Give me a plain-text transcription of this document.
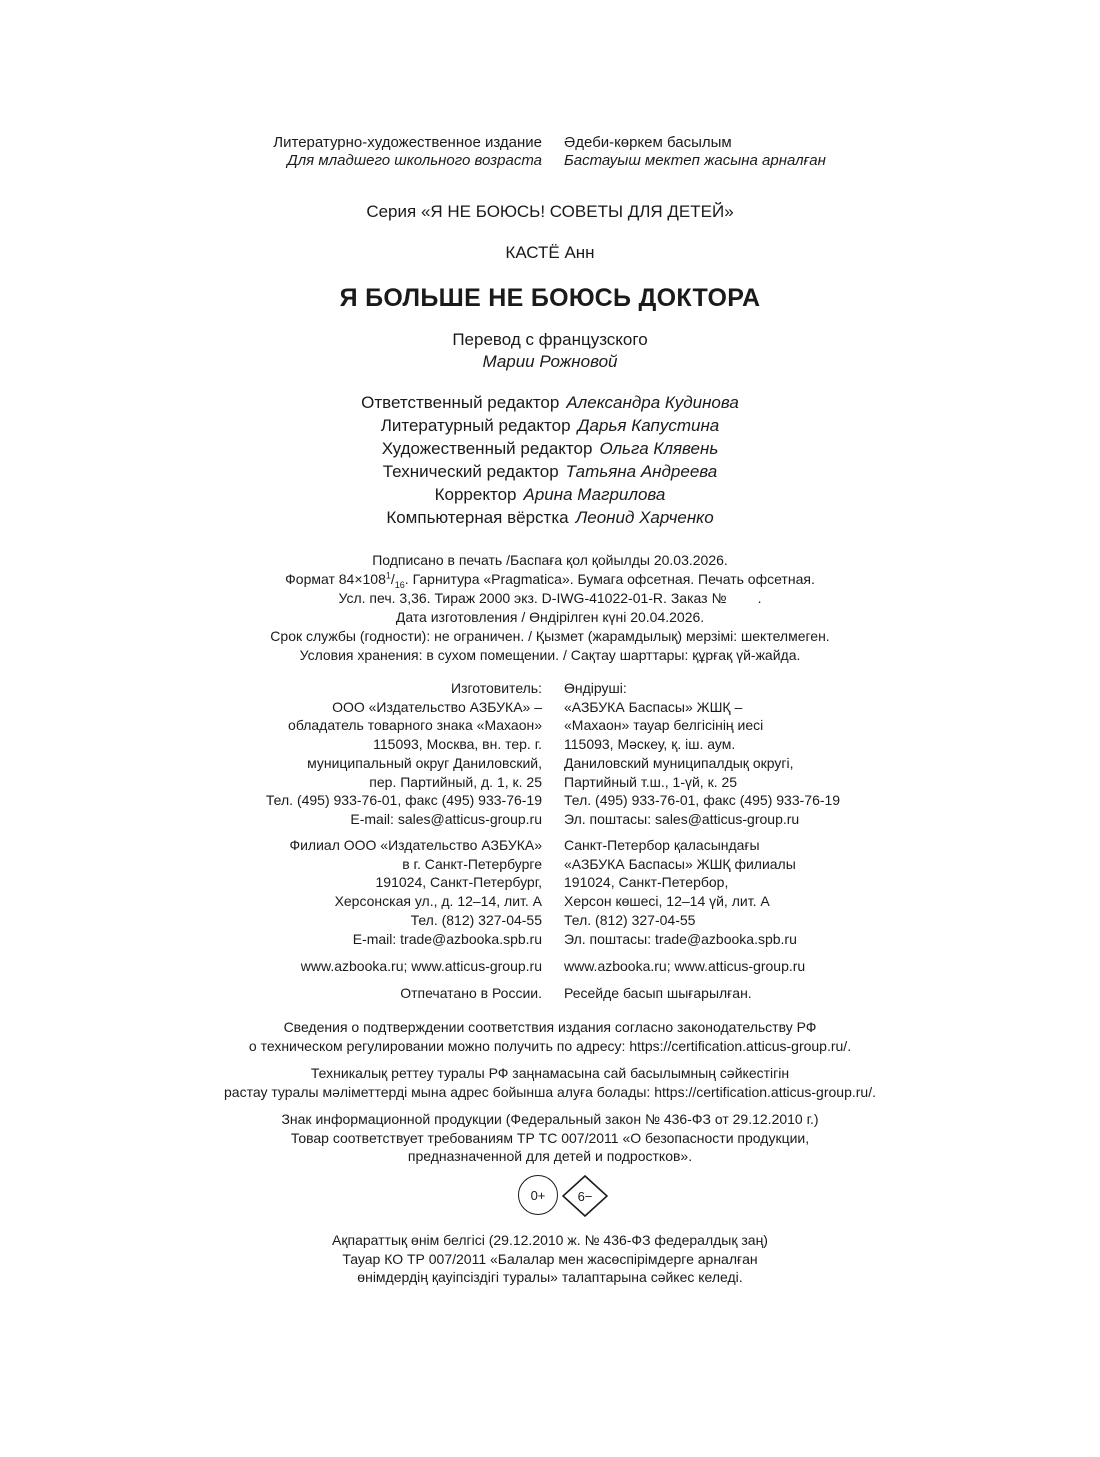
Литературно-художественное издание
Для младшего школьного возраста
Әдеби-көркем басылым
Бастауыш мектеп жасына арналған
Серия «Я НЕ БОЮСЬ! СОВЕТЫ ДЛЯ ДЕТЕЙ»
КАСТЁ Анн
Я БОЛЬШЕ НЕ БОЮСЬ ДОКТОРА
Перевод с французского
Марии Рожновой
Ответственный редактор Александра Кудинова
Литературный редактор Дарья Капустина
Художественный редактор Ольга Клявень
Технический редактор Татьяна Андреева
Корректор Арина Магрилова
Компьютерная вёрстка Леонид Харченко
Подписано в печать /Баспаға қол қойылды 20.03.2026.
Формат $84\times 108^1/_{16}$. Гарнитура «Pragmatica». Бумага офсетная. Печать офсетная.
Усл. печ. 3,36. Тираж 2000 экз. D-IWG-41022-01-R. Заказ №        .
Дата изготовления / Өндірілген күні 20.04.2026.
Срок службы (годности): не ограничен. / Қызмет (жарамдылық) мерзімі: шектелмеген.
Условия хранения: в сухом помещении. / Сақтау шарттары: құрғақ үй-жайда.
Изготовитель:
ООО «Издательство АЗБУКА» –
обладатель товарного знака «Махаон»
115093, Москва, вн. тер. г.
муниципальный округ Даниловский,
пер. Партийный, д. 1, к. 25
Тел. (495) 933-76-01, факс (495) 933-76-19
E-mail: sales@atticus-group.ru
Өндіруші:
«АЗБУКА Баспасы» ЖШҚ –
«Махаон» тауар белгісінің иесі
115093, Мәскеу, қ. іш. аум.
Даниловский муниципалдық округі,
Партийный т.ш., 1-үй, к. 25
Тел. (495) 933-76-01, факс (495) 933-76-19
Эл. поштасы: sales@atticus-group.ru
Филиал ООО «Издательство АЗБУКА»
в г. Санкт-Петербурге
191024, Санкт-Петербург,
Херсонская ул., д. 12–14, лит. А
Тел. (812) 327-04-55
E-mail: trade@azbooka.spb.ru
Санкт-Петербор қаласындағы
«АЗБУКА Баспасы» ЖШҚ филиалы
191024, Санкт-Петербор,
Херсон көшесі, 12–14 үй, лит. А
Тел. (812) 327-04-55
Эл. поштасы: trade@azbooka.spb.ru
www.azbooka.ru; www.atticus-group.ru www.azbooka.ru; www.atticus-group.ru
Отпечатано в России. Ресейде басып шығарылған.
Сведения о подтверждении соответствия издания согласно законодательству РФ
о техническом регулировании можно получить по адресу: https://certification.atticus-group.ru/.
Техникалық реттеу туралы РФ заңнамасына сай басылымның сәйкестігін
растау туралы мәліметтерді мына адрес бойынша алуға болады: https://certification.atticus-group.ru/.
Знак информационной продукции (Федеральный закон № 436-ФЗ от 29.12.2010 г.)
Товар соответствует требованиям ТР ТС 007/2011 «О безопасности продукции,
предназначенной для детей и подростков».
0+	6−
Ақпараттық өнім белгісі (29.12.2010 ж. № 436-ФЗ федералдық заң)
Тауар КО ТР 007/2011 «Балалар мен жасөспірімдерге арналған
өнімдердің қауіпсіздігі туралы» талаптарына сәйкес келеді.
